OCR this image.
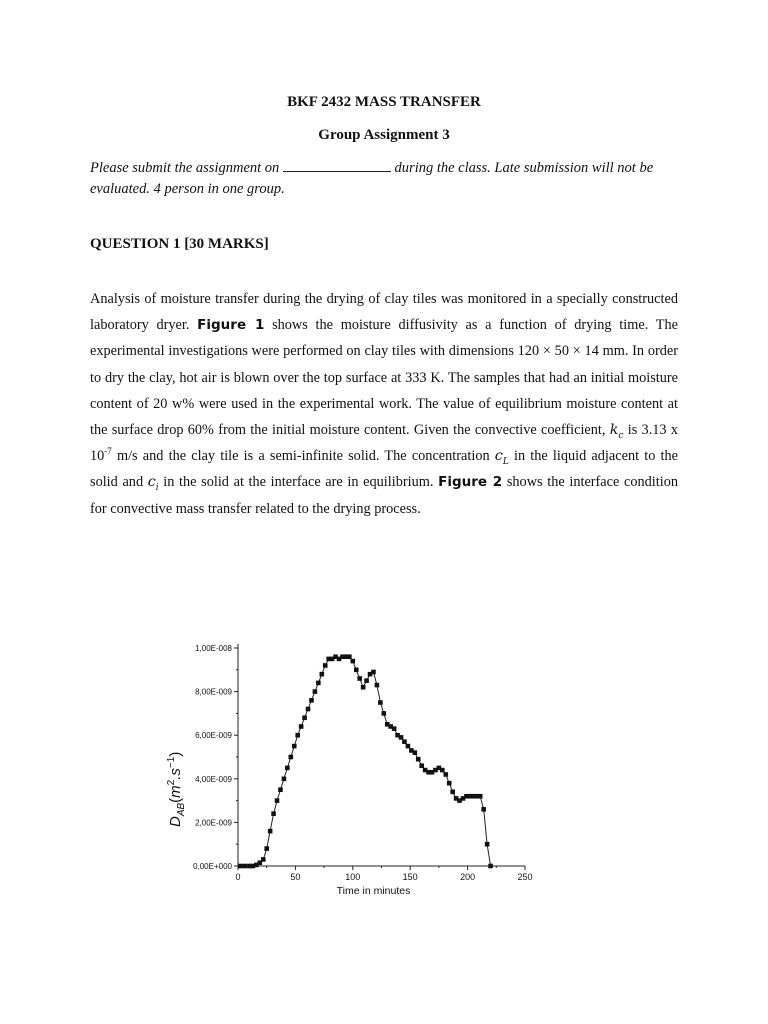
BKF 2432 MASS TRANSFER
Group Assignment 3
Please submit the assignment on	during the class. Late submission will not be evaluated. 4 person in one group.
QUESTION 1 [30 MARKS]
Analysis of moisture transfer during the drying of clay tiles was monitored in a specially constructed laboratory dryer. Figure 1 shows the moisture diffusivity as a function of drying time. The experimental investigations were performed on clay tiles with dimensions 120 × 50 × 14 mm. In order to dry the clay, hot air is blown over the top surface at 333 K. The samples that had an initial moisture content of 20 w% were used in the experimental work. The value of equilibrium moisture content at the surface drop 60% from the initial moisture content. Given the convective coefficient, $k_c$ is 3.13 x $10^{-7}$ m/s and the clay tile is a semi-infinite solid. The concentration $c_L$ in the liquid adjacent to the solid and $c_i$ in the solid at the interface are in equilibrium. Figure 2 shows the interface condition for convective mass transfer related to the drying process.
0	50	100	150	200	250
0,00E+000
2,00E-009
4,00E-009
6,00E-009
8,00E-009
1,00E-008
Time in minutes
$D_{AB}(m^2.s^{-1})$
